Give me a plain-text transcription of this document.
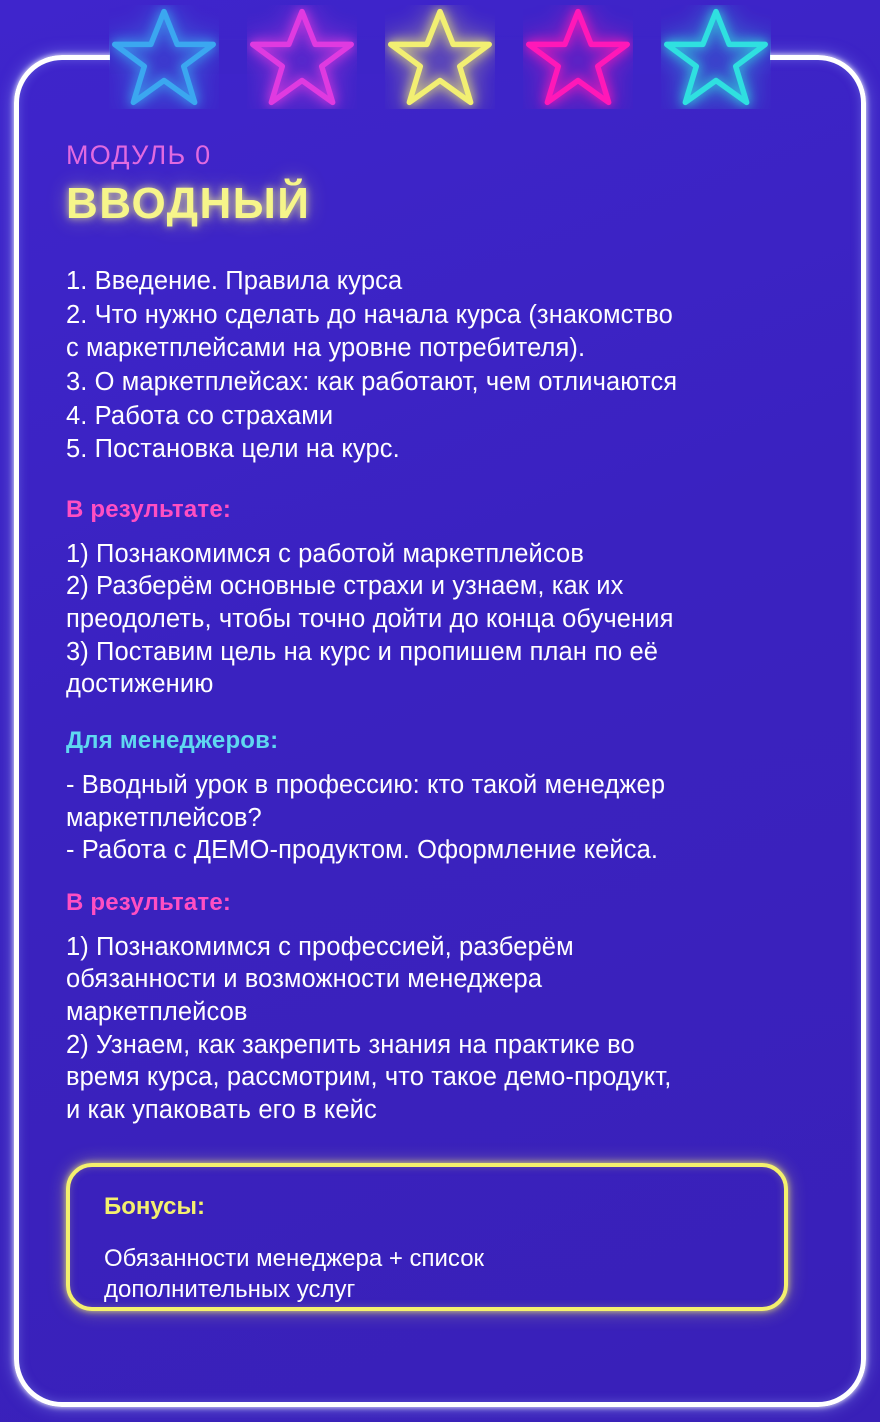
МОДУЛЬ 0

ВВОДНЫЙ

1. Введение. Правила курса

2. Что нужно сделать до начала курса (знакомство

с маркетплейсами на уровне потребителя).

3. О маркетплейсах: как работают, чем отличаются

4. Работа со страхами

5. Постановка цели на курс.

В результате:

1) Познакомимся с работой маркетплейсов

2) Разберём основные страхи и узнаем, как их

преодолеть, чтобы точно дойти до конца обучения

3) Поставим цель на курс и пропишем план по её

достижению

Для менеджеров:

- Вводный урок в профессию: кто такой менеджер

маркетплейсов?

- Работа с ДЕМО-продуктом. Оформление кейса.

В результате:

1) Познакомимся с профессией, разберём

обязанности и возможности менеджера

маркетплейсов

2) Узнаем, как закрепить знания на практике во

время курса, рассмотрим, что такое демо-продукт,

и как упаковать его в кейс

Бонусы:

Обязанности менеджера + список

дополнительных услуг
